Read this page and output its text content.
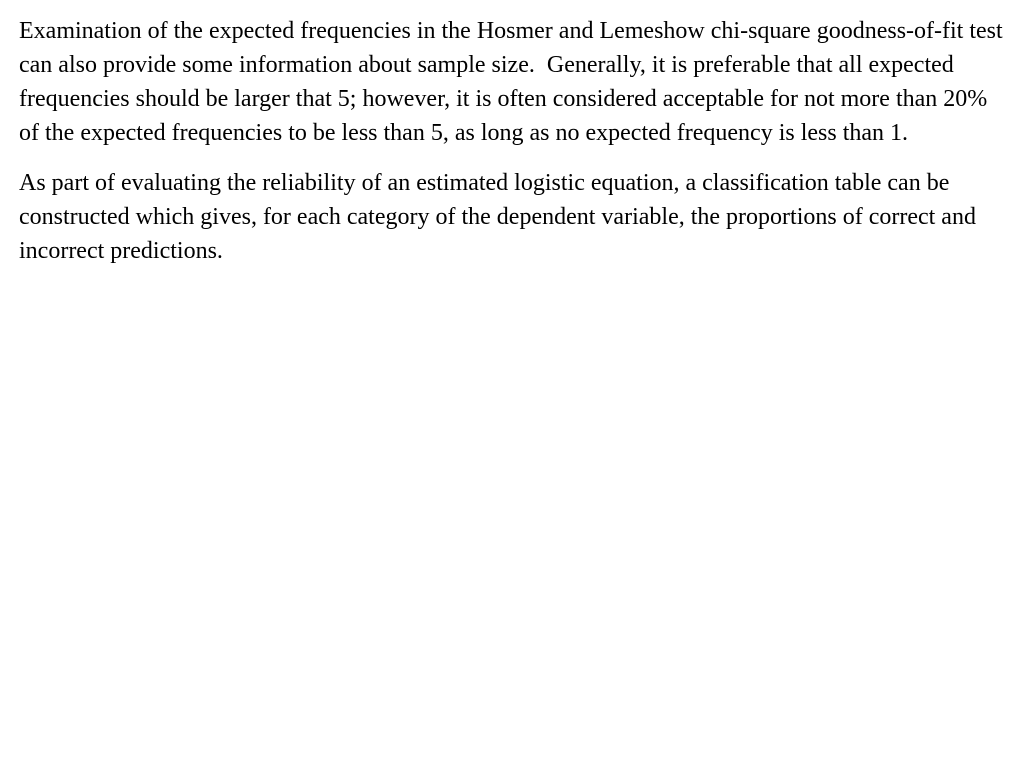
Examination of the expected frequencies in the Hosmer and Lemeshow chi-square goodness-of-fit test can also provide some information about sample size.  Generally, it is preferable that all expected frequencies should be larger that 5; however, it is often considered acceptable for not more than 20% of the expected frequencies to be less than 5, as long as no expected frequency is less than 1.

As part of evaluating the reliability of an estimated logistic equation, a classification table can be constructed which gives, for each category of the dependent variable, the proportions of correct and incorrect predictions.
